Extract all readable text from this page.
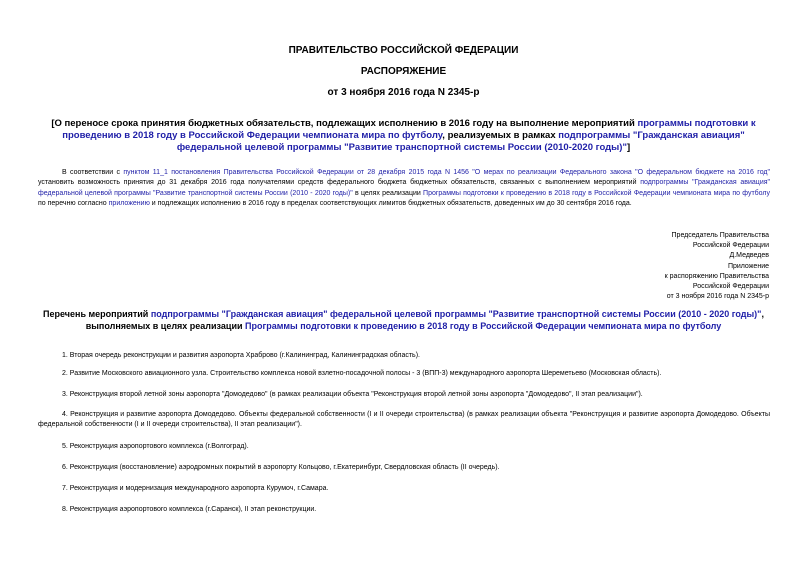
ПРАВИТЕЛЬСТВО РОССИЙСКОЙ ФЕДЕРАЦИИ
РАСПОРЯЖЕНИЕ
от 3 ноября 2016 года N 2345-р
[О переносе срока принятия бюджетных обязательств, подлежащих исполнению в 2016 году на выполнение мероприятий программы подготовки к проведению в 2018 году в Российской Федерации чемпионата мира по футболу, реализуемых в рамках подпрограммы "Гражданская авиация" федеральной целевой программы "Развитие транспортной системы России (2010-2020 годы)"]
В соответствии с пунктом 11_1 постановления Правительства Российской Федерации от 28 декабря 2015 года N 1456 "О мерах по реализации Федерального закона "О федеральном бюджете на 2016 год" установить возможность принятия до 31 декабря 2016 года получателями средств федерального бюджета бюджетных обязательств, связанных с выполнением мероприятий подпрограммы "Гражданская авиация" федеральной целевой программы "Развитие транспортной системы России (2010 - 2020 годы)" в целях реализации Программы подготовки к проведению в 2018 году в Российской Федерации чемпионата мира по футболу по перечню согласно приложению и подлежащих исполнению в 2016 году в пределах соответствующих лимитов бюджетных обязательств, доведенных им до 30 сентября 2016 года.
Председатель Правительства
Российской Федерации
Д.Медведев
Приложение
к распоряжению Правительства
Российской Федерации
от 3 ноября 2016 года N 2345-р
Перечень мероприятий подпрограммы "Гражданская авиация" федеральной целевой программы "Развитие транспортной системы России (2010 - 2020 годы)", выполняемых в целях реализации Программы подготовки к проведению в 2018 году в Российской Федерации чемпионата мира по футболу
1. Вторая очередь реконструкции и развития аэропорта Храброво (г.Калининград, Калининградская область).
2. Развитие Московского авиационного узла. Строительство комплекса новой взлетно-посадочной полосы - 3 (ВПП-3) международного аэропорта Шереметьево (Московская область).
3. Реконструкция второй летной зоны аэропорта "Домодедово" (в рамках реализации объекта "Реконструкция второй летной зоны аэропорта "Домодедово", II этап реализации").
4. Реконструкция и развитие аэропорта Домодедово. Объекты федеральной собственности (I и II очереди строительства) (в рамках реализации объекта "Реконструкция и развитие аэропорта Домодедово. Объекты федеральной собственности (I и II очереди строительства), II этап реализации").
5. Реконструкция аэропортового комплекса (г.Волгоград).
6. Реконструкция (восстановление) аэродромных покрытий в аэропорту Кольцово, г.Екатеринбург, Свердловская область (II очередь).
7. Реконструкция и модернизация международного аэропорта Курумоч, г.Самара.
8. Реконструкция аэропортового комплекса (г.Саранск), II этап реконструкции.
